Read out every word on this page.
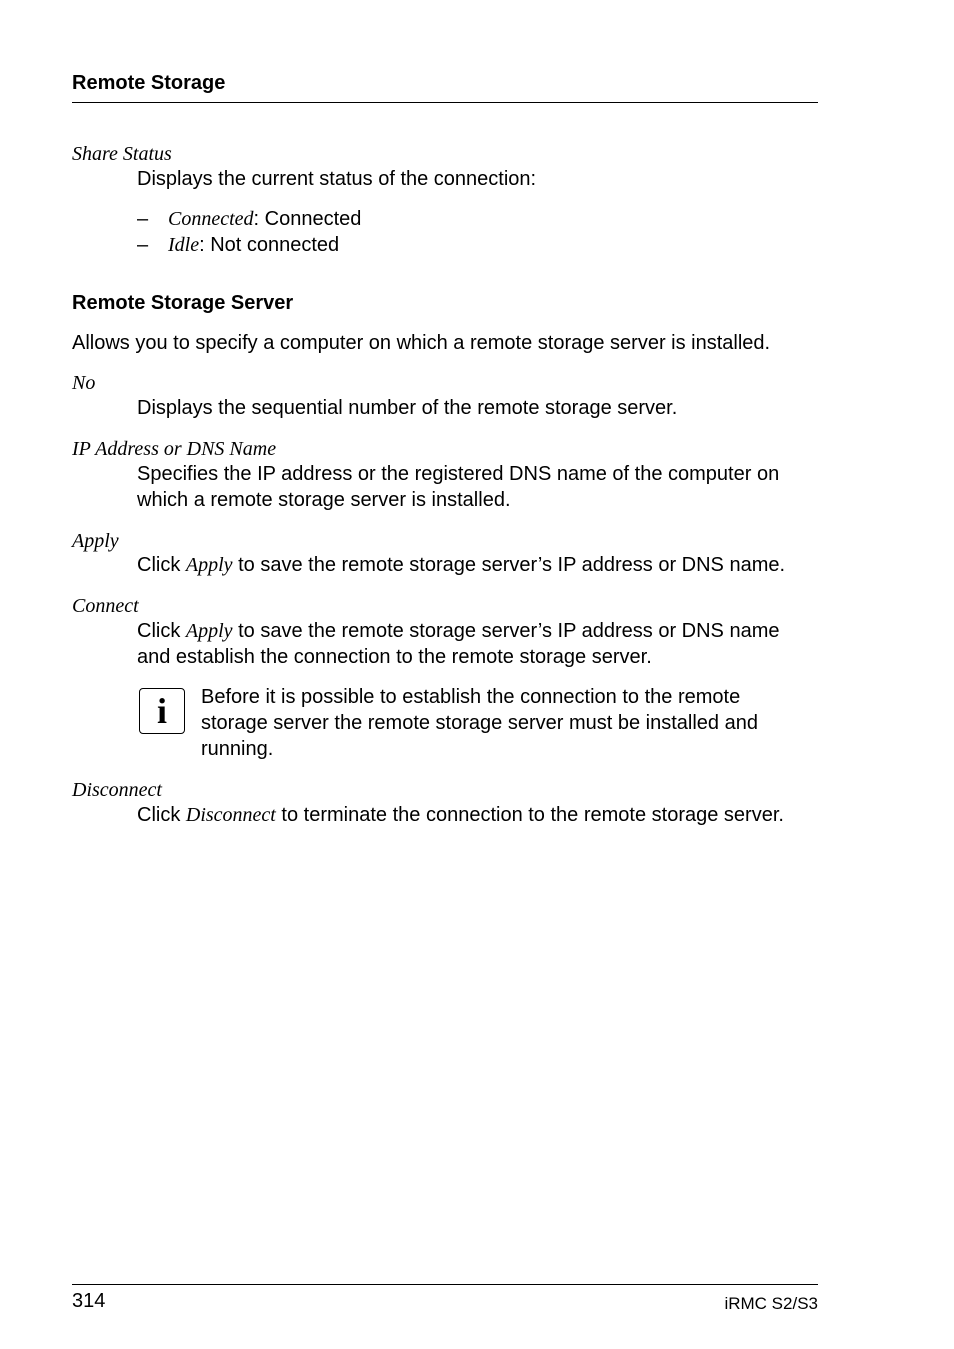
Remote Storage
Share Status
Displays the current status of the connection:
– Connected: Connected
– Idle: Not connected
Remote Storage Server
Allows you to specify a computer on which a remote storage server is installed.
No
Displays the sequential number of the remote storage server.
IP Address or DNS Name
Specifies the IP address or the registered DNS name of the computer on
which a remote storage server is installed.
Apply
Click Apply to save the remote storage server’s IP address or DNS name.
Connect
Click Apply to save the remote storage server’s IP address or DNS name
and establish the connection to the remote storage server.
i Before it is possible to establish the connection to the remote
storage server the remote storage server must be installed and
running.
Disconnect
Click Disconnect to terminate the connection to the remote storage server.
314	iRMC S2/S3
